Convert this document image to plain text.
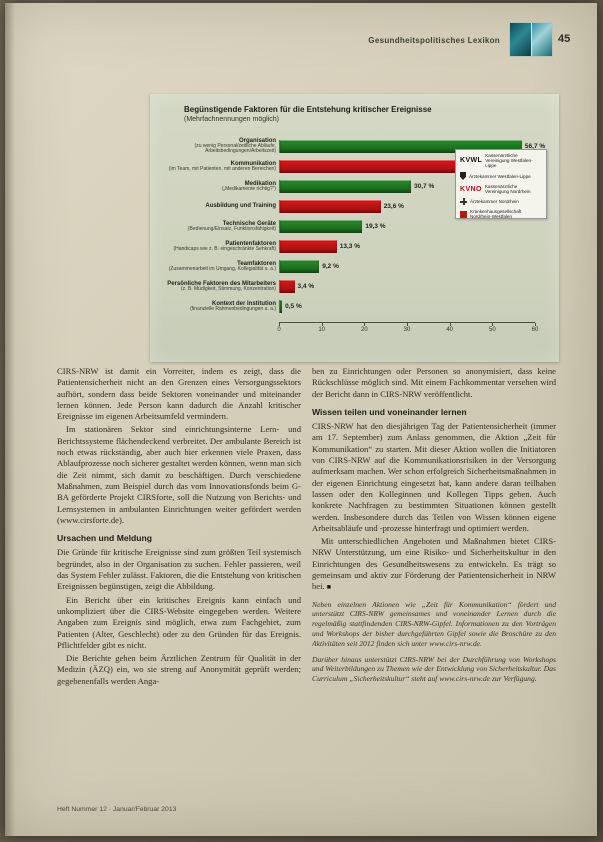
Gesundheitspolitisches Lexikon	45
Begünstigende Faktoren für die Entstehung kritischer Ereignisse
(Mehrfachnennungen möglich)
Organisation
(zu wenig Personal/zeitliche Abläufe, Arbeitsbedingungen/Arbeitszeit)
56,7 %
Kommunikation
(im Team, mit Patienten, mit anderen Bereichen)
Medikation
(„Medikamente richtig?“)	30,7 %
Ausbildung und Training	23,6 %
Technische Geräte
(Bedienung/Einsatz, Funktionsfähigkeit)	19,3 %
Patientenfaktoren
(Handicaps wie z. B. eingeschränkte Sehkraft)	13,3 %
Teamfaktoren
(Zusammenarbeit im Umgang, Kollegialität u. a.)	9,2 %
Persönliche Faktoren des Mitarbeiters
(z. B. Müdigkeit, Stimmung, Konzentration)	3,4 %
Kontext der Institution
(finanzielle Rahmenbedingungen u. a.)	0,5 %
0	10	20	30	40	50	60
KVWL
Kassenärztliche Vereinigung Westfalen-Lippe
Ärztekammer Westfalen-Lippe
KVNO Kassenärztliche Vereinigung Nordrhein
Ärztekammer Nordrhein
Krankenhausgesellschaft Nordrhein-Westfalen

CIRS-NRW ist damit ein Vorreiter, indem es zeigt, dass die Patientensicherheit nicht an den Grenzen eines Versorgungssektors aufhört, sondern dass beide Sektoren voneinander und miteinander lernen können. Jede Person kann dadurch die Anzahl kritischer Ereignisse im eigenen Arbeitsumfeld vermindern.

Im stationären Sektor sind einrichtungsinterne Lern- und Berichtssysteme flächendeckend verbreitet. Der ambulante Bereich ist noch etwas rückständig, aber auch hier erkennen viele Praxen, dass Ablaufprozesse noch sicherer gestaltet werden können, wenn man sich die Zeit nimmt, sich damit zu beschäftigen. Durch verschiedene Maßnahmen, zum Beispiel durch das vom Innovationsfonds beim G-BA geförderte Projekt CIRSforte, soll die Nutzung von Berichts- und Lernsystemen in ambulanten Einrichtungen weiter gefördert werden (www.cirsforte.de).

Ursachen und Meldung

Die Gründe für kritische Ereignisse sind zum größten Teil systemisch begründet, also in der Organisation zu suchen. Fehler passieren, weil das System Fehler zulässt. Faktoren, die die Entstehung von kritischen Ereignissen begünstigen, zeigt die Abbildung.

Ein Bericht über ein kritisches Ereignis kann einfach und unkompliziert über die CIRS-Website eingegeben werden. Weitere Angaben zum Ereignis sind möglich, etwa zum Fachgebiet, zum Patienten (Alter, Geschlecht) oder zu den Gründen für das Ereignis. Pflichtfelder gibt es nicht.

Die Berichte gehen beim Ärztlichen Zentrum für Qualität in der Medizin (ÄZQ) ein, wo sie streng auf Anonymität geprüft werden; gegebenenfalls werden Anga-

ben zu Einrichtungen oder Personen so anonymisiert, dass keine Rückschlüsse möglich sind. Mit einem Fachkommentar versehen wird der Bericht dann in CIRS-NRW veröffentlicht.

Wissen teilen und voneinander lernen

CIRS-NRW hat den diesjährigen Tag der Patientensicherheit (immer am 17. September) zum Anlass genommen, die Aktion „Zeit für Kommunikation“ zu starten. Mit dieser Aktion wollen die Initiatoren von CIRS-NRW auf die Kommunikationsrisiken in der Versorgung aufmerksam machen. Wer schon erfolgreich Sicherheitsmaßnahmen in der eigenen Einrichtung eingesetzt hat, kann andere daran teilhaben lassen oder den Kolleginnen und Kollegen Tipps geben. Auch konkrete Nachfragen zu bestimmten Situationen können gestellt werden. Insbesondere durch das Teilen von Wissen können eigene Arbeitsabläufe und -prozesse hinterfragt und optimiert werden.

Mit unterschiedlichen Angeboten und Maßnahmen bietet CIRS-NRW Unterstützung, um eine Risiko- und Sicherheitskultur in den Einrichtungen des Gesundheitswesens zu entwickeln. Es trägt so gemeinsam und aktiv zur Förderung der Patientensicherheit in NRW bei. ■

Neben einzelnen Aktionen wie „Zeit für Kommunikation“ fördert und unterstützt CIRS-NRW gemeinsames und voneinander Lernen durch die regelmäßig stattfindenden CIRS-NRW-Gipfel. Informationen zu den Vorträgen und Workshops der bisher durchgeführten Gipfel sowie die Broschüre zu den Aktivitäten seit 2012 finden sich unter www.cirs-nrw.de.

Darüber hinaus unterstützt CIRS-NRW bei der Durchführung von Workshops und Weiterbildungen zu Themen wie der Entwicklung von Sicherheitskultur. Das Curriculum „Sicherheitskultur“ steht auf www.cirs-nrw.de zur Verfügung.

Heft Nummer 12 · Januar/Februar 2013
